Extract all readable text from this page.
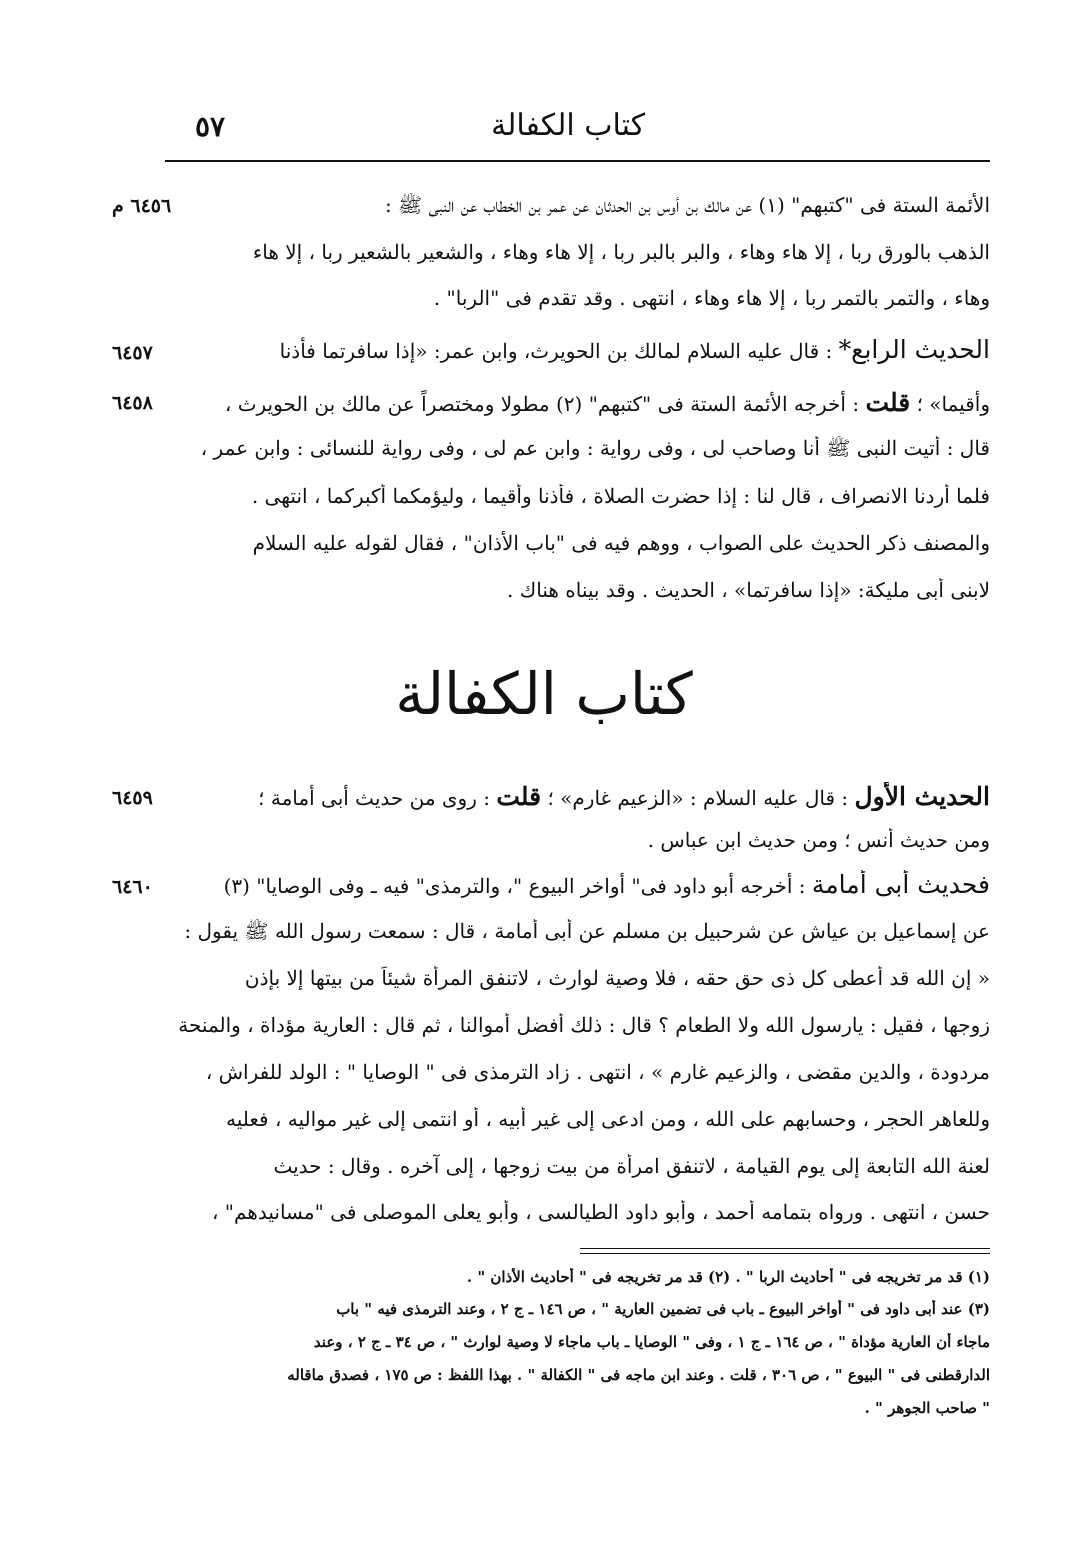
كتاب الكفالة
٥٧
الأئمة الستة فى "كتبهم" (١) عن مالك بن أوس بن الحدثان عن عمر بن الخطاب عن النبى ﷺ :
٦٤٥٦ م
الذهب بالورق ربا ، إلا هاء وهاء ، والبر بالبر ربا ، إلا هاء وهاء ، والشعير بالشعير ربا ، إلا هاء
وهاء ، والتمر بالتمر ربا ، إلا هاء وهاء ، انتهى . وقد تقدم فى "الربا" .
الحديث الرابع* : قال عليه السلام لمالك بن الحويرث، وابن عمر: «إذا سافرتما فأذنا
٦٤٥٧
وأقيما» ؛ قلت : أخرجه الأئمة الستة فى "كتبهم" (٢) مطولا ومختصراً عن مالك بن الحويرث ،
٦٤٥٨
قال : أتيت النبى ﷺ أنا وصاحب لى ، وفى رواية : وابن عم لى ، وفى رواية للنسائى : وابن عمر ،
فلما أردنا الانصراف ، قال لنا : إذا حضرت الصلاة ، فأذنا وأقيما ، وليؤمكما أكبركما ، انتهى .
والمصنف ذكر الحديث على الصواب ، ووهم فيه فى "باب الأذان" ، فقال لقوله عليه السلام
لابنى أبى مليكة: «إذا سافرتما» ، الحديث . وقد بيناه هناك .
كتاب الكفالة
الحديث الأول : قال عليه السلام : «الزعيم غارم» ؛ قلت : روى من حديث أبى أمامة ؛
٦٤٥٩
ومن حديث أنس ؛ ومن حديث ابن عباس .
فحديث أبى أمامة : أخرجه أبو داود فى" أواخر البيوع "، والترمذى" فيه ـ وفى الوصايا" (٣)
٦٤٦٠
عن إسماعيل بن عياش عن شرحبيل بن مسلم عن أبى أمامة ، قال : سمعت رسول الله ﷺ يقول :
« إن الله قد أعطى كل ذى حق حقه ، فلا وصية لوارث ، لاتنفق المرأة شيئاً من بيتها إلا بإذن
زوجها ، فقيل : يارسول الله ولا الطعام ؟ قال : ذلك أفضل أموالنا ، ثم قال : العارية مؤداة ، والمنحة
مردودة ، والدين مقضى ، والزعيم غارم » ، انتهى . زاد الترمذى فى " الوصايا " : الولد للفراش ،
وللعاهر الحجر ، وحسابهم على الله ، ومن ادعى إلى غير أبيه ، أو انتمى إلى غير مواليه ، فعليه
لعنة الله التابعة إلى يوم القيامة ، لاتنفق امرأة من بيت زوجها ، إلى آخره . وقال : حديث
حسن ، انتهى . ورواه بتمامه أحمد ، وأبو داود الطيالسى ، وأبو يعلى الموصلى فى "مسانيدهم" ،
(١) قد مر تخريجه فى " أحاديث الربا " . (٢) قد مر تخريجه فى " أحاديث الأذان " .
(٣) عند أبى داود فى " أواخر البيوع ـ باب فى تضمين العارية " ، ص ١٤٦ ـ ج ٢ ، وعند الترمذى فيه " باب
ماجاء أن العارية مؤداة " ، ص ١٦٤ ـ ج ١ ، وفى " الوصايا ـ باب ماجاء لا وصية لوارث " ، ص ٣٤ ـ ج ٢ ، وعند
الدارقطنى فى " البيوع " ، ص ٣٠٦ ، قلت . وعند ابن ماجه فى " الكفالة " . بهذا اللفظ : ص ١٧٥ ، فصدق ماقاله
" صاحب الجوهر " .
